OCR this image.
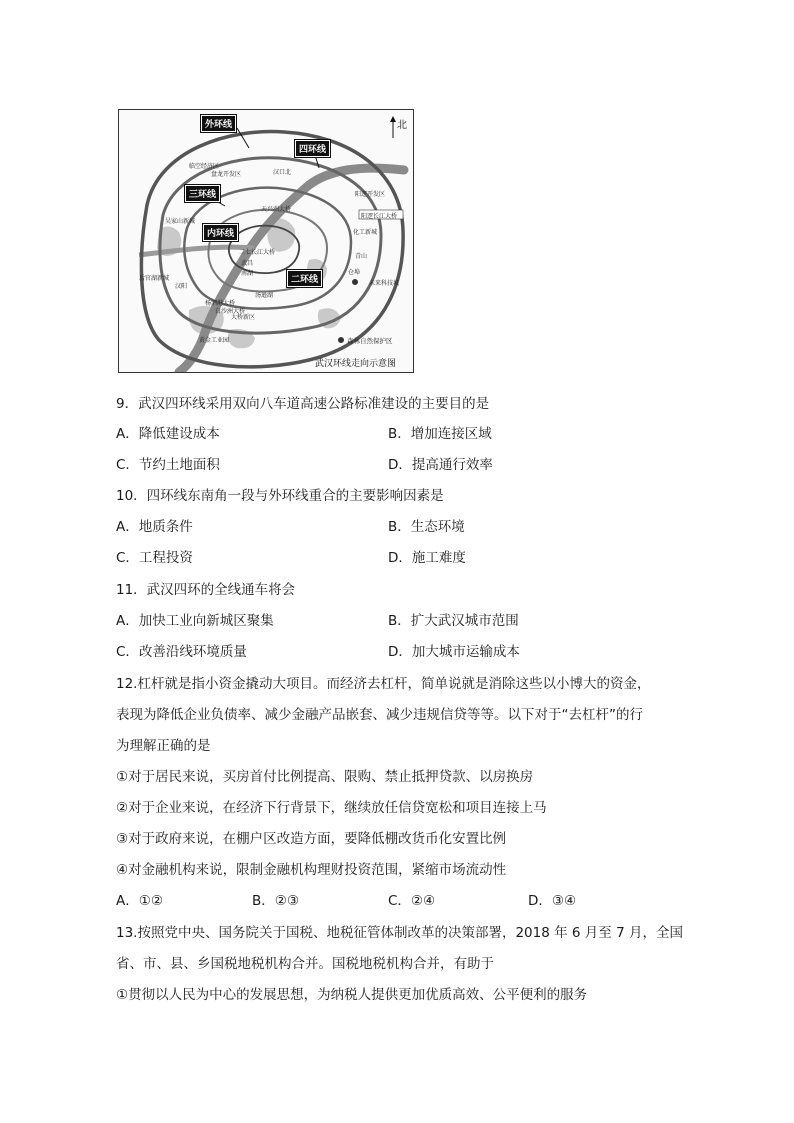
外环线
四环线
三环线
内环线
二环线
北
临空经济区
盘龙开发区	汉口北
阳逻开发区
阳逻长江大桥
吴家山新城
化工新城
青山
仓埠
未来科技城
后官湖新城
汉阳
汤逊湖
大桥新区
黄金工业园
天兴洲大桥
二七长江大桥
杨泗港大桥
白沙洲大桥
武昌
南湖
森林自然保护区
武汉环线走向示意图
9．武汉四环线采用双向八车道高速公路标准建设的主要目的是
A．降低建设成本	B．增加连接区域
C．节约土地面积	D．提高通行效率
10．四环线东南角一段与外环线重合的主要影响因素是
A．地质条件	B．生态环境
C．工程投资	D．施工难度
11．武汉四环的全线通车将会
A．加快工业向新城区聚集	B．扩大武汉城市范围
C．改善沿线环境质量	D．加大城市运输成本
12.杠杆就是指小资金撬动大项目。而经济去杠杆，简单说就是消除这些以小博大的资金，
表现为降低企业负债率、减少金融产品嵌套、减少违规信贷等等。以下对于“去杠杆”的行
为理解正确的是
①对于居民来说，买房首付比例提高、限购、禁止抵押贷款、以房换房
②对于企业来说，在经济下行背景下，继续放任信贷宽松和项目连接上马
③对于政府来说，在棚户区改造方面，要降低棚改货币化安置比例
④对金融机构来说，限制金融机构理财投资范围，紧缩市场流动性
A．①②	B．②③	C．②④	D．③④
13.按照党中央、国务院关于国税、地税征管体制改革的决策部署，2018 年 6 月至 7 月，全国
省、市、县、乡国税地税机构合并。国税地税机构合并，有助于
①贯彻以人民为中心的发展思想，为纳税人提供更加优质高效、公平便利的服务
